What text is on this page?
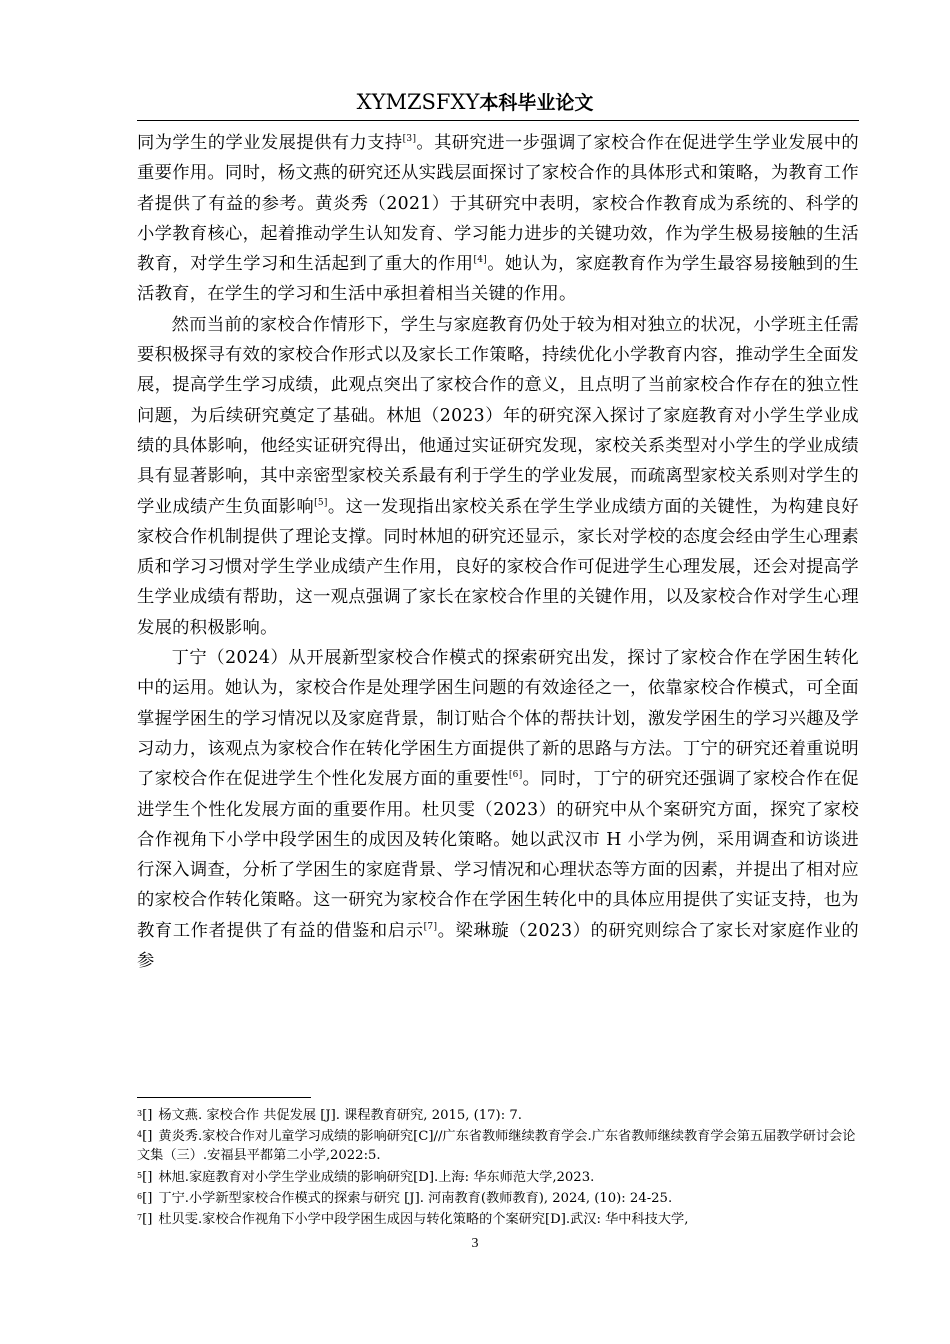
XYMZSFXY本科毕业论文

同为学生的学业发展提供有力支持[3]。其研究进一步强调了家校合作在促进学生学业发展中的重要作用。同时，杨文燕的研究还从实践层面探讨了家校合作的具体形式和策略，为教育工作者提供了有益的参考。黄炎秀（2021）于其研究中表明，家校合作教育成为系统的、科学的小学教育核心，起着推动学生认知发育、学习能力进步的关键功效，作为学生极易接触的生活教育，对学生学习和生活起到了重大的作用[4]。她认为，家庭教育作为学生最容易接触到的生活教育，在学生的学习和生活中承担着相当关键的作用。

然而当前的家校合作情形下，学生与家庭教育仍处于较为相对独立的状况，小学班主任需要积极探寻有效的家校合作形式以及家长工作策略，持续优化小学教育内容，推动学生全面发展，提高学生学习成绩，此观点突出了家校合作的意义，且点明了当前家校合作存在的独立性问题，为后续研究奠定了基础。林旭（2023）年的研究深入探讨了家庭教育对小学生学业成绩的具体影响，他经实证研究得出，他通过实证研究发现，家校关系类型对小学生的学业成绩具有显著影响，其中亲密型家校关系最有利于学生的学业发展，而疏离型家校关系则对学生的学业成绩产生负面影响[5]。这一发现指出家校关系在学生学业成绩方面的关键性，为构建良好家校合作机制提供了理论支撑。同时林旭的研究还显示，家长对学校的态度会经由学生心理素质和学习习惯对学生学业成绩产生作用，良好的家校合作可促进学生心理发展，还会对提高学生学业成绩有帮助，这一观点强调了家长在家校合作里的关键作用，以及家校合作对学生心理发展的积极影响。

丁宁（2024）从开展新型家校合作模式的探索研究出发，探讨了家校合作在学困生转化中的运用。她认为，家校合作是处理学困生问题的有效途径之一，依靠家校合作模式，可全面掌握学困生的学习情况以及家庭背景，制订贴合个体的帮扶计划，激发学困生的学习兴趣及学习动力，该观点为家校合作在转化学困生方面提供了新的思路与方法。丁宁的研究还着重说明了家校合作在促进学生个性化发展方面的重要性[6]。同时，丁宁的研究还强调了家校合作在促进学生个性化发展方面的重要作用。杜贝雯（2023）的研究中从个案研究方面，探究了家校合作视角下小学中段学困生的成因及转化策略。她以武汉市 H 小学为例，采用调查和访谈进行深入调查，分析了学困生的家庭背景、学习情况和心理状态等方面的因素，并提出了相对应的家校合作转化策略。这一研究为家校合作在学困生转化中的具体应用提供了实证支持，也为教育工作者提供了有益的借鉴和启示[7]。梁琳璇（2023）的研究则综合了家长对家庭作业的参

$^3$[] 杨文燕. 家校合作 共促发展 [J]. 课程教育研究, 2015, (17): 7.

$^4$[] 黄炎秀.家校合作对儿童学习成绩的影响研究[C]//广东省教师继续教育学会.广东省教师继续教育学会第五届教学研讨会论文集（三）.安福县平都第二小学,2022:5.

$^5$[] 林旭.家庭教育对小学生学业成绩的影响研究[D].上海: 华东师范大学,2023.

$^6$[] 丁宁.小学新型家校合作模式的探索与研究 [J]. 河南教育(教师教育), 2024, (10): 24-25.

$^7$[] 杜贝雯.家校合作视角下小学中段学困生成因与转化策略的个案研究[D].武汉: 华中科技大学,

3
